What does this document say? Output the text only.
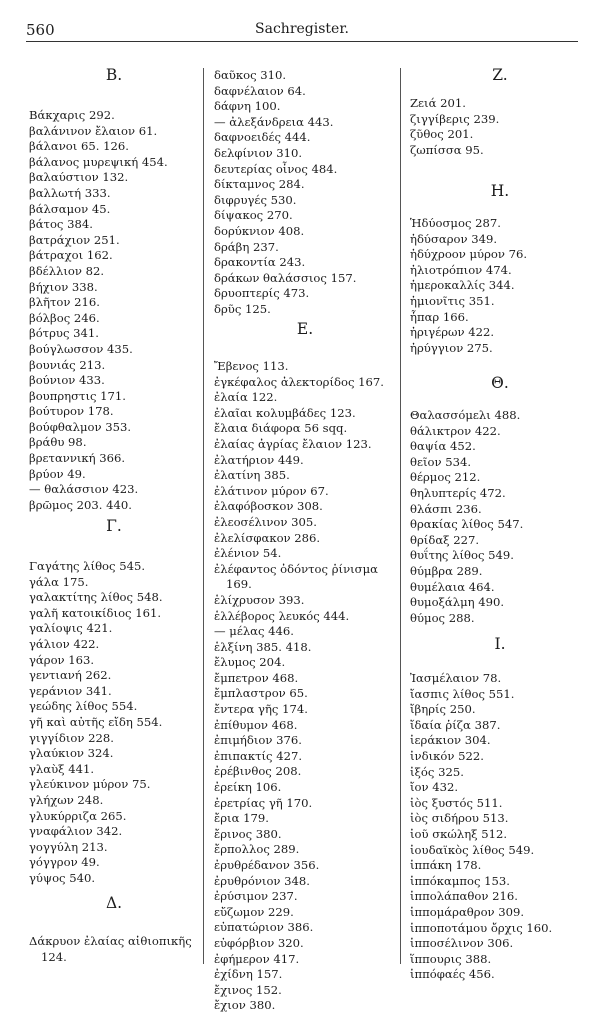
560	Sachregister.
B.
Βάκχαρις 292.
βαλάνινον ἔλαιον 61.
βάλανοι 65. 126.
βάλανος μυρεψική 454.
βαλαύστιον 132.
βαλλωτή 333.
βάλσαμον 45.
βάτος 384.
βατράχιον 251.
βάτραχοι 162.
βδέλλιον 82.
βήχιον 338.
βλῆτον 216.
βόλβος 246.
βότρυς 341.
βούγλωσσον 435.
βουνιάς 213.
βούνιον 433.
βουπρηστις 171.
βούτυρον 178.
βούφθαλμον 353.
βράθυ 98.
βρεταννική 366.
βρύον 49.
— θαλάσσιον 423.
βρῶμος 203. 440.
Γ.
Γαγάτης λίθος 545.
γάλα 175.
γαλακτίτης λίθος 548.
γαλῆ κατοικίδιος 161.
γαλίοψις 421.
γάλιον 422.
γάρον 163.
γεντιανή 262.
γεράνιον 341.
γεώδης λίθος 554.
γῆ καὶ αὐτῆς εἴδη 554.
γιγγίδιον 228.
γλαύκιον 324.
γλαὺξ 441.
γλεύκινον μύρον 75.
γλήχων 248.
γλυκύρριζα 265.
γναφάλιον 342.
γογγύλη 213.
γόγγρον 49.
γύψος 540.
Δ.
Δάκρυον ἐλαίας αἰθιοπικῆς
124.
δαῦκος 310.
δαφνέλαιον 64.
δάφνη 100.
— ἀλεξάνδρεια 443.
δαφνοειδές 444.
δελφίνιον 310.
δευτερίας οἶνος 484.
δίκταμνος 284.
διφρυγές 530.
δίψακος 270.
δορύκνιον 408.
δράβη 237.
δρακοντία 243.
δράκων θαλάσσιος 157.
δρυοπτερίς 473.
δρῦς 125.
E.
Ἔβενος 113.
ἐγκέφαλος ἀλεκτορίδος 167.
ἐλαία 122.
ἐλαῖαι κολυμβάδες 123.
ἔλαια διάφορα 56 sqq.
ἐλαίας ἀγρίας ἔλαιον 123.
ἐλατήριον 449.
ἐλατίνη 385.
ἐλάτινον μύρον 67.
ἐλαφόβοσκον 308.
ἐλεοσέλινον 305.
ἐλελίσφακον 286.
ἐλένιον 54.
ἐλέφαντος ὀδόντος ῥίνισμα
169.
ἑλίχρυσον 393.
ἑλλέβορος λευκός 444.
— μέλας 446.
ἑλξίνη 385. 418.
ἔλυμος 204.
ἔμπετρον 468.
ἔμπλαστρον 65.
ἔντερα γῆς 174.
ἐπίθυμον 468.
ἐπιμήδιον 376.
ἐπιπακτίς 427.
ἐρέβινθος 208.
ἐρείκη 106.
ἐρετρίας γῆ 170.
ἔρια 179.
ἔρινος 380.
ἔρπολλος 289.
ἐρυθρέδανον 356.
ἐρυθρόνιον 348.
ἐρύσιμον 237.
εὔζωμον 229.
εὐπατώριον 386.
εὐφόρβιον 320.
ἐφήμερον 417.
ἐχίδνη 157.
ἔχινος 152.
ἔχιον 380.
Z.
Ζειά 201.
ζιγγίβερις 239.
ζῦθος 201.
ζωπίσσα 95.
H.
Ἡδύοσμος 287.
ἡδύσαρον 349.
ἡδύχροον μύρον 76.
ἡλιοτρόπιον 474.
ἡμεροκαλλίς 344.
ἡμιονῖτις 351.
ἧπαρ 166.
ἠριγέρων 422.
ἠρύγγιον 275.
Θ.
Θαλασσόμελι 488.
θάλικτρον 422.
θαψία 452.
θεῖον 534.
θέρμος 212.
θηλυπτερίς 472.
θλάσπι 236.
θρακίας λίθος 547.
θρίδαξ 227.
θυΐτης λίθος 549.
θύμβρα 289.
θυμέλαια 464.
θυμοξάλμη 490.
θύμος 288.
I.
Ἰασμέλαιον 78.
ἴασπις λίθος 551.
ἴβηρίς 250.
ἴδαία ῥίζα 387.
ἰεράκιον 304.
ἰνδικόν 522.
ἰξός 325.
ἴον 432.
ἰὸς ξυστός 511.
ἰὸς σιδήρου 513.
ἰοῦ σκώληξ 512.
ἰουδαϊκὸς λίθος 549.
ἱππάκη 178.
ἱππόκαμπος 153.
ἱππολάπαθον 216.
ἱππομάραθρον 309.
ἱπποποτάμου ὄρχις 160.
ἱπποσέλινον 306.
ἵππουρις 388.
ἱππόφαές 456.
